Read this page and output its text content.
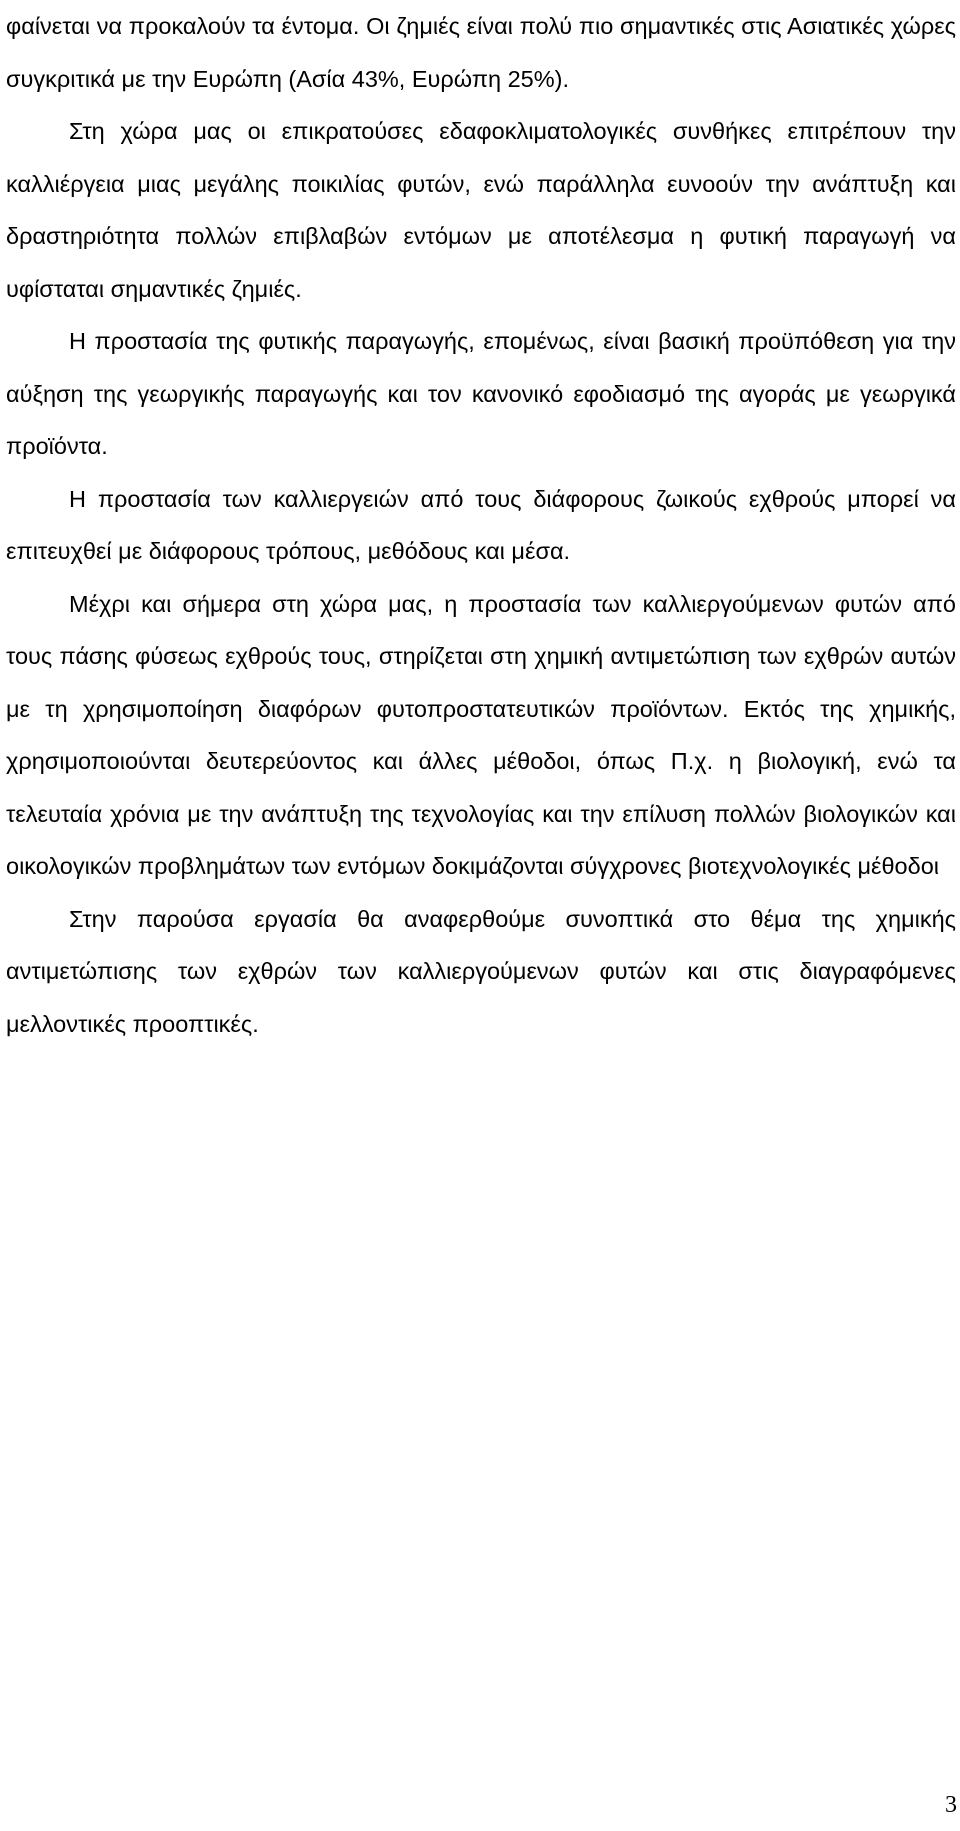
φαίνεται να προκαλούν τα έντομα. Οι ζημιές είναι πολύ πιο σημαντικές στις Ασιατικές χώρες συγκριτικά με την Ευρώπη (Ασία 43%, Ευρώπη 25%).

Στη χώρα μας οι επικρατούσες εδαφοκλιματολογικές συνθήκες επιτρέπουν την καλλιέργεια μιας μεγάλης ποικιλίας φυτών, ενώ παράλληλα ευνοούν την ανάπτυξη και δραστηριότητα πολλών επιβλαβών εντόμων με αποτέλεσμα η φυτική παραγωγή να υφίσταται σημαντικές ζημιές.

Η προστασία της φυτικής παραγωγής, επομένως, είναι βασική προϋπόθεση για την αύξηση της γεωργικής παραγωγής και τον κανονικό εφοδιασμό της αγοράς με γεωργικά προϊόντα.

Η προστασία των καλλιεργειών από τους διάφορους ζωικούς εχθρούς μπορεί να επιτευχθεί με διάφορους τρόπους, μεθόδους και μέσα.

Μέχρι και σήμερα στη χώρα μας, η προστασία των καλλιεργούμενων φυτών από τους πάσης φύσεως εχθρούς τους, στηρίζεται στη χημική αντιμετώπιση των εχθρών αυτών με τη χρησιμοποίηση διαφόρων φυτοπροστατευτικών προϊόντων. Εκτός της χημικής, χρησιμοποιούνται δευτερεύοντος και άλλες μέθοδοι, όπως Π.χ. η βιολογική, ενώ τα τελευταία χρόνια με την ανάπτυξη της τεχνολογίας και την επίλυση πολλών βιολογικών και οικολογικών προβλημάτων των εντόμων δοκιμάζονται σύγχρονες βιοτεχνολογικές μέθοδοι

Στην παρούσα εργασία θα αναφερθούμε συνοπτικά στο θέμα της χημικής αντιμετώπισης των εχθρών των καλλιεργούμενων φυτών και στις διαγραφόμενες μελλοντικές προοπτικές.

3
